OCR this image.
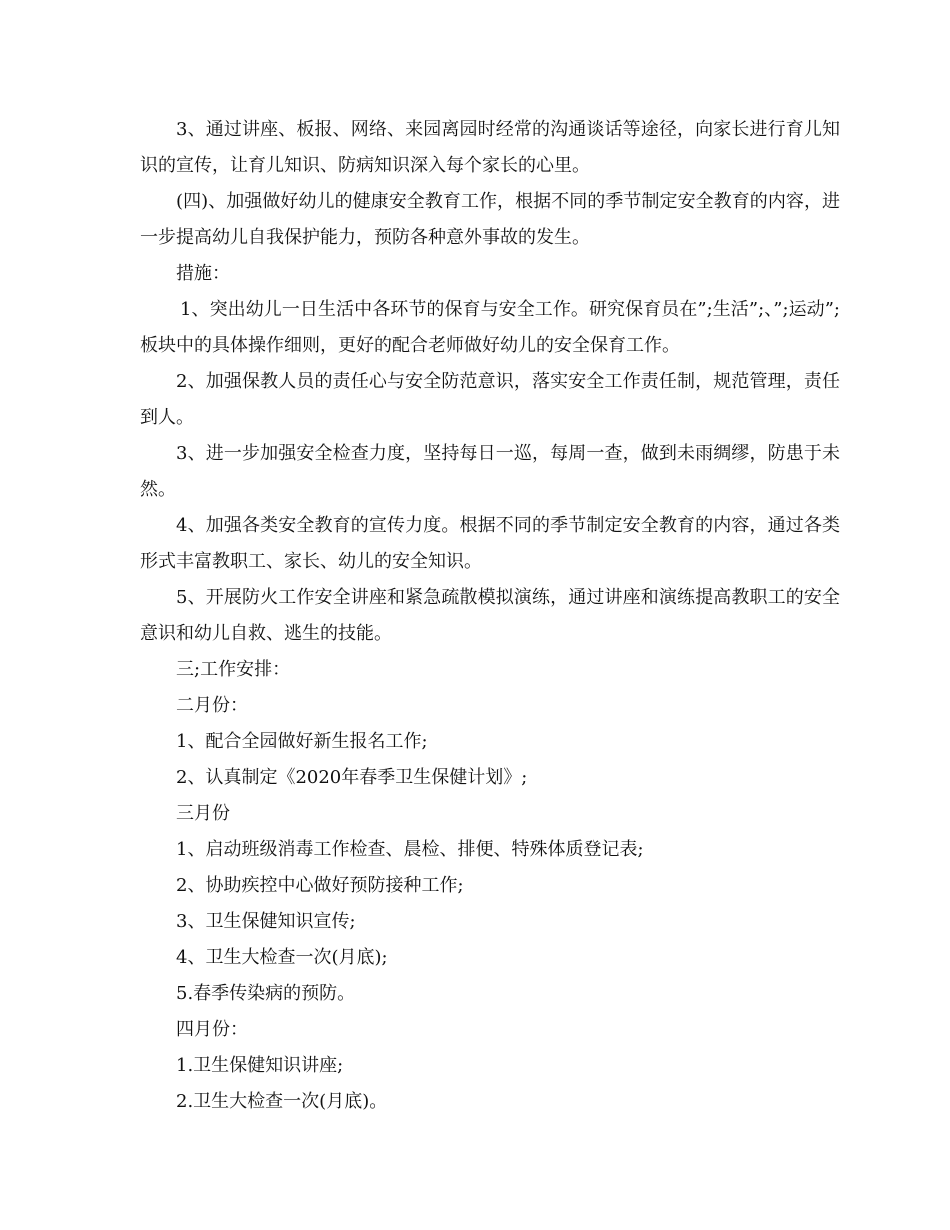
3、通过讲座、板报、网络、来园离园时经常的沟通谈话等途径，向家长进行育儿知识的宣传，让育儿知识、防病知识深入每个家长的心里。

(四)、加强做好幼儿的健康安全教育工作，根据不同的季节制定安全教育的内容，进一步提高幼儿自我保护能力，预防各种意外事故的发生。

措施：

1、突出幼儿一日生活中各环节的保育与安全工作。研究保育员在”;生活”;、”;运动”;板块中的具体操作细则，更好的配合老师做好幼儿的安全保育工作。

2、加强保教人员的责任心与安全防范意识，落实安全工作责任制，规范管理，责任到人。

3、进一步加强安全检查力度，坚持每日一巡，每周一查，做到未雨绸缪，防患于未然。

4、加强各类安全教育的宣传力度。根据不同的季节制定安全教育的内容，通过各类形式丰富教职工、家长、幼儿的安全知识。

5、开展防火工作安全讲座和紧急疏散模拟演练，通过讲座和演练提高教职工的安全意识和幼儿自救、逃生的技能。

三;工作安排：

二月份：

1、配合全园做好新生报名工作;

2、认真制定《2020年春季卫生保健计划》;

三月份

1、启动班级消毒工作检查、晨检、排便、特殊体质登记表;

2、协助疾控中心做好预防接种工作;

3、卫生保健知识宣传;

4、卫生大检查一次(月底);

5.春季传染病的预防。

四月份：

1.卫生保健知识讲座;

2.卫生大检查一次(月底)。
